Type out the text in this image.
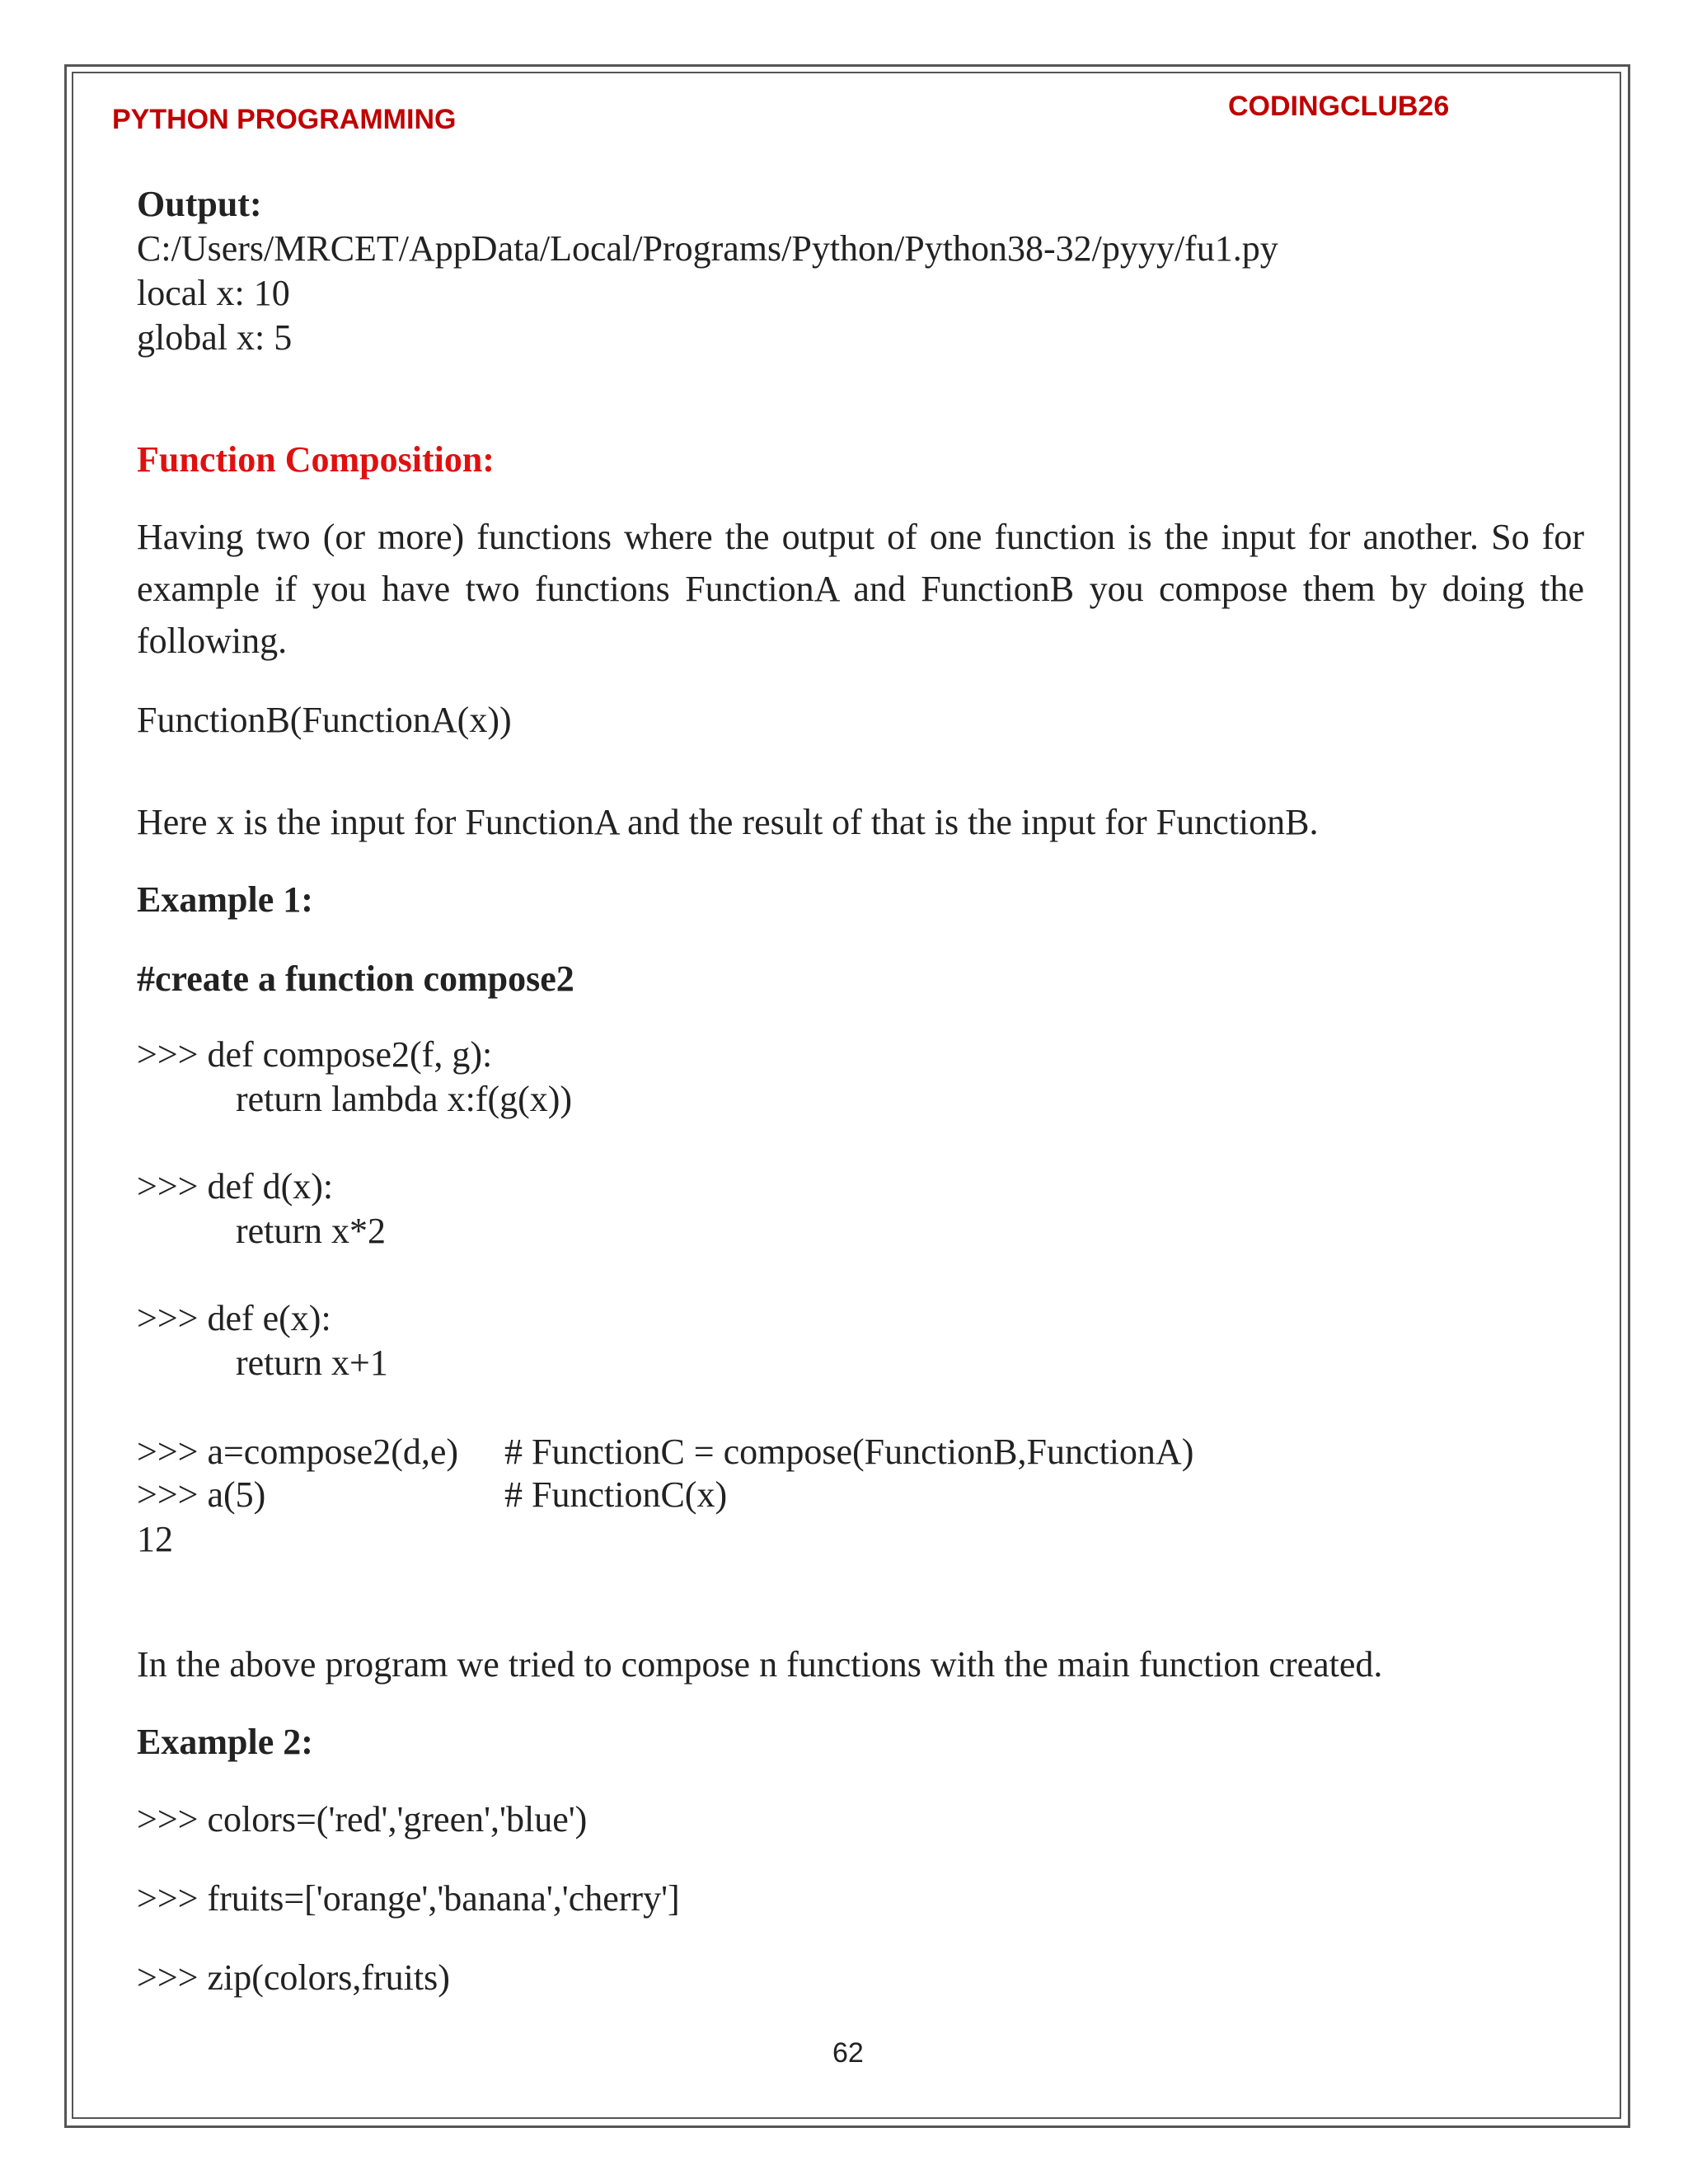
PYTHON PROGRAMMING	CODINGCLUB26
Output:
C:/Users/MRCET/AppData/Local/Programs/Python/Python38-32/pyyy/fu1.py
local x: 10
global x: 5
Function Composition:
Having two (or more) functions where the output of one function is the input for another. So for example if you have two functions FunctionA and FunctionB you compose them by doing the following.
FunctionB(FunctionA(x))
Here x is the input for FunctionA and the result of that is the input for FunctionB.
Example 1:
#create a function compose2
>>> def compose2(f, g):
return lambda x:f(g(x))
>>> def d(x):
return x*2
>>> def e(x):
return x+1
>>> a=compose2(d,e) # FunctionC = compose(FunctionB,FunctionA)
>>> a(5)	# FunctionC(x)
12
In the above program we tried to compose n functions with the main function created.
Example 2:
>>> colors=('red','green','blue')
>>> fruits=['orange','banana','cherry']
>>> zip(colors,fruits)
62
